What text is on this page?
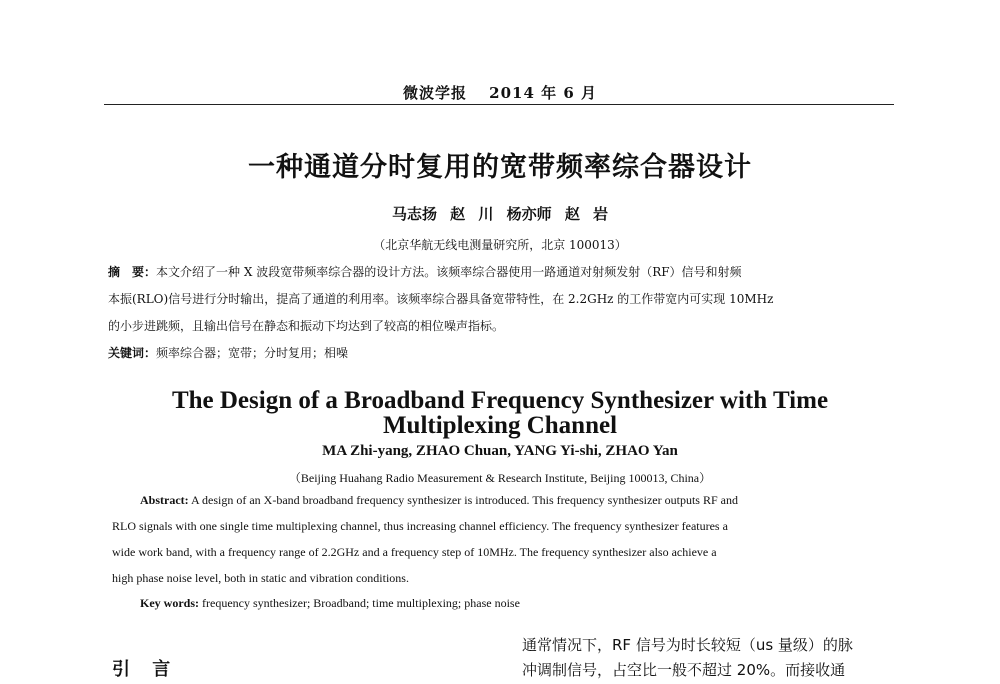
微波学报　 2014 年 6 月
一种通道分时复用的宽带频率综合器设计
马志扬 赵 川 杨亦师 赵 岩
（北京华航无线电测量研究所，北京 100013）
摘　要：本文介绍了一种 X 波段宽带频率综合器的设计方法。该频率综合器使用一路通道对射频发射（RF）信号和射频
本振(RLO)信号进行分时输出，提高了通道的利用率。该频率综合器具备宽带特性，在 2.2GHz 的工作带宽内可实现 10MHz
的小步进跳频，且输出信号在静态和振动下均达到了较高的相位噪声指标。
关键词：频率综合器；宽带；分时复用；相噪
The Design of a Broadband Frequency Synthesizer with Time
Multiplexing Channel
MA Zhi-yang, ZHAO Chuan, YANG Yi-shi, ZHAO Yan
（Beijing Huahang Radio Measurement & Research Institute, Beijing 100013, China）
Abstract: A design of an X-band broadband frequency synthesizer is introduced. This frequency synthesizer outputs RF and
RLO signals with one single time multiplexing channel, thus increasing channel efficiency. The frequency synthesizer features a
wide work band, with a frequency range of 2.2GHz and a frequency step of 10MHz. The frequency synthesizer also achieve a
high phase noise level, both in static and vibration conditions.
Key words: frequency synthesizer; Broadband; time multiplexing; phase noise
引 言
通常情况下，RF 信号为时长较短（us 量级）的脉
冲调制信号，占空比一般不超过 20%。而接收通
